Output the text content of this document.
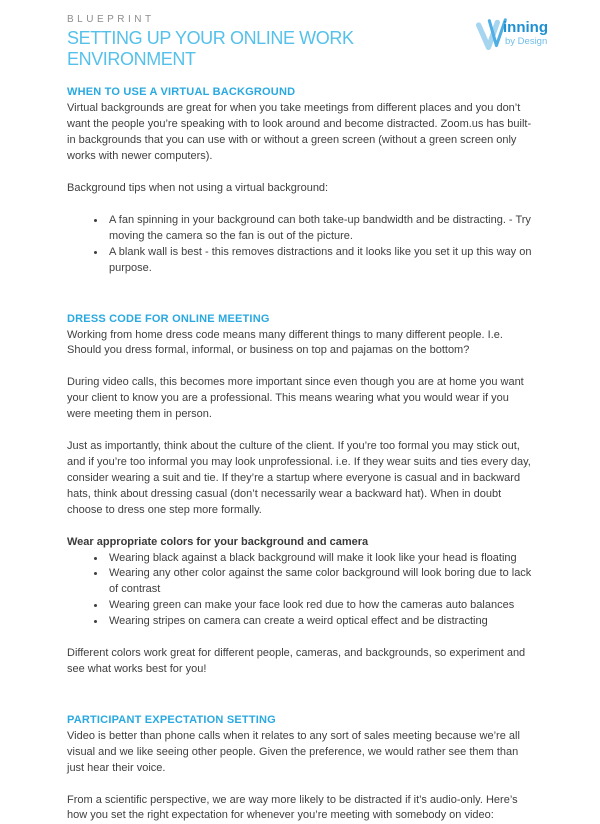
BLUEPRINT
SETTING UP YOUR ONLINE WORK ENVIRONMENT
inning
by Design
WHEN TO USE A VIRTUAL BACKGROUND

Virtual backgrounds are great for when you take meetings from different places and you don’t want the people you’re speaking with to look around and become distracted. Zoom.us has built-in backgrounds that you can use with or without a green screen (without a green screen only works with newer computers).

Background tips when not using a virtual background:

• A fan spinning in your background can both take-up bandwidth and be distracting. - Try moving the camera so the fan is out of the picture.
• A blank wall is best - this removes distractions and it looks like you set it up this way on purpose.
DRESS CODE FOR ONLINE MEETING

Working from home dress code means many different things to many different people. I.e. Should you dress formal, informal, or business on top and pajamas on the bottom?

During video calls, this becomes more important since even though you are at home you want your client to know you are a professional. This means wearing what you would wear if you were meeting them in person.

Just as importantly, think about the culture of the client. If you’re too formal you may stick out, and if you’re too informal you may look unprofessional. i.e. If they wear suits and ties every day, consider wearing a suit and tie. If they’re a startup where everyone is casual and in backward hats, think about dressing casual (don’t necessarily wear a backward hat). When in doubt choose to dress one step more formally.

Wear appropriate colors for your background and camera

• Wearing black against a black background will make it look like your head is floating
• Wearing any other color against the same color background will look boring due to lack of contrast
• Wearing green can make your face look red due to how the cameras auto balances
• Wearing stripes on camera can create a weird optical effect and be distracting

Different colors work great for different people, cameras, and backgrounds, so experiment and see what works best for you!

PARTICIPANT EXPECTATION SETTING

Video is better than phone calls when it relates to any sort of sales meeting because we’re all visual and we like seeing other people. Given the preference, we would rather see them than just hear their voice.

From a scientific perspective, we are way more likely to be distracted if it’s audio-only. Here’s how you set the right expectation for whenever you’re meeting with somebody on video:
